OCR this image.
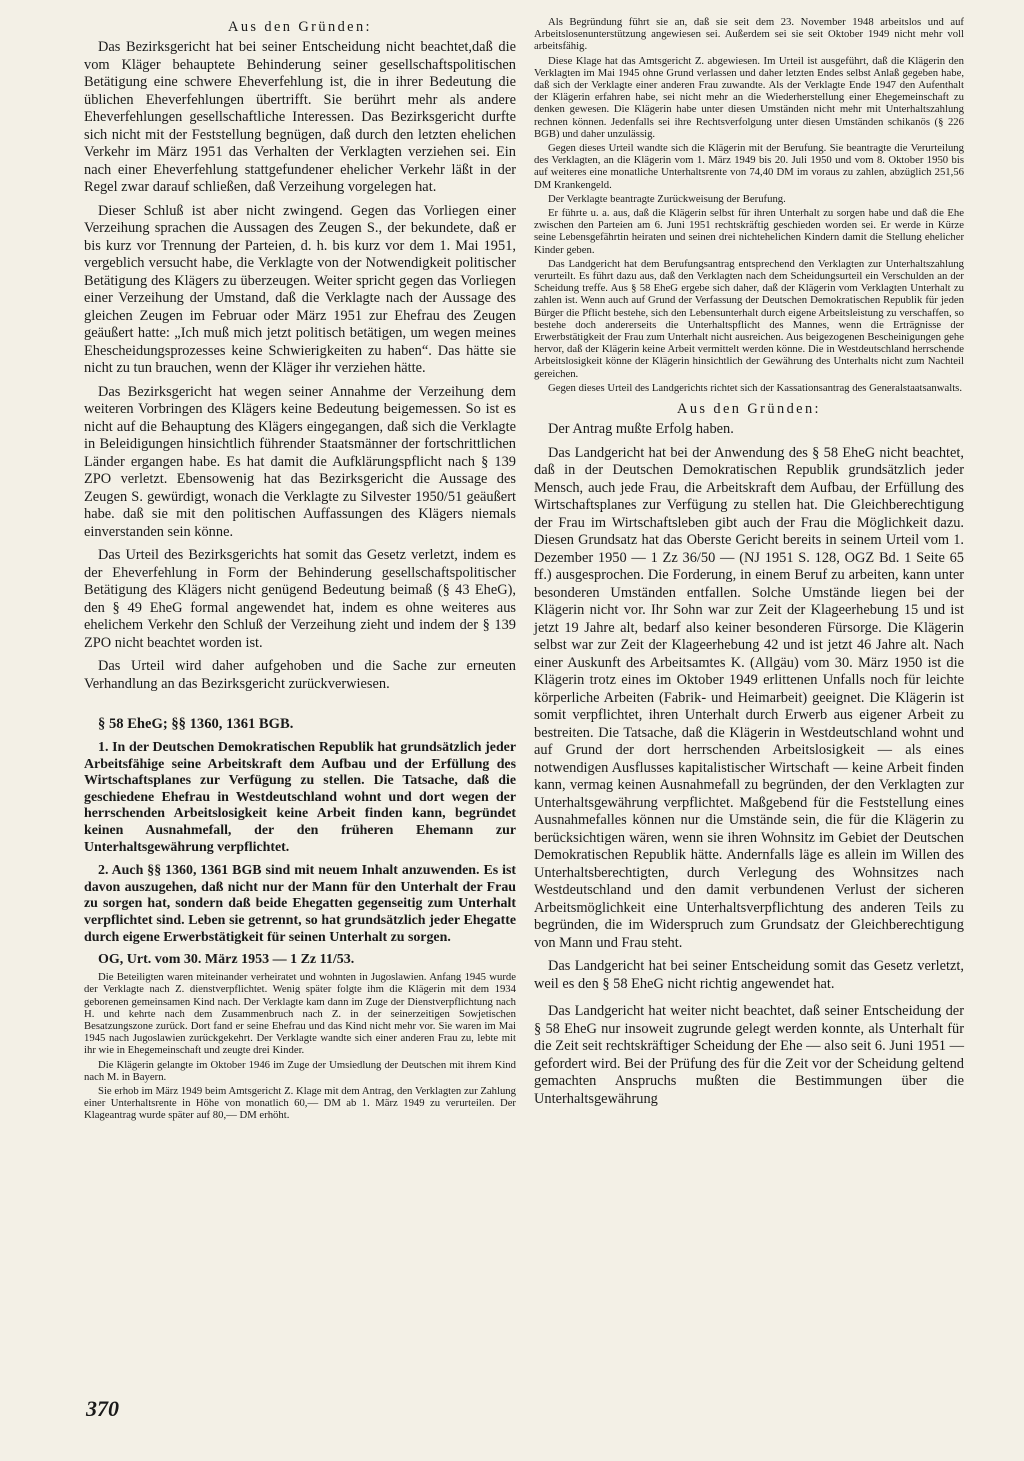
Aus den Gründen:

Das Bezirksgericht hat bei seiner Entscheidung nicht beachtet,daß die vom Kläger behauptete Behinderung seiner gesellschaftspolitischen Betätigung eine schwere Eheverfehlung ist, die in ihrer Bedeutung die üblichen Eheverfehlungen übertrifft. Sie berührt mehr als andere Eheverfehlungen gesellschaftliche Interessen. Das Bezirksgericht durfte sich nicht mit der Feststellung begnügen, daß durch den letzten ehelichen Verkehr im März 1951 das Verhalten der Verklagten verziehen sei. Ein nach einer Eheverfehlung stattgefundener ehelicher Verkehr läßt in der Regel zwar darauf schließen, daß Verzeihung vorgelegen hat.

Dieser Schluß ist aber nicht zwingend. Gegen das Vorliegen einer Verzeihung sprachen die Aussagen des Zeugen S., der bekundete, daß er bis kurz vor Trennung der Parteien, d. h. bis kurz vor dem 1. Mai 1951, vergeblich versucht habe, die Verklagte von der Notwendigkeit politischer Betätigung des Klägers zu überzeugen. Weiter spricht gegen das Vorliegen einer Verzeihung der Umstand, daß die Verklagte nach der Aussage des gleichen Zeugen im Februar oder März 1951 zur Ehefrau des Zeugen geäußert hatte: „Ich muß mich jetzt politisch betätigen, um wegen meines Ehescheidungsprozesses keine Schwierigkeiten zu haben“. Das hätte sie nicht zu tun brauchen, wenn der Kläger ihr verziehen hätte.

Das Bezirksgericht hat wegen seiner Annahme der Verzeihung dem weiteren Vorbringen des Klägers keine Bedeutung beigemessen. So ist es nicht auf die Behauptung des Klägers eingegangen, daß sich die Verklagte in Beleidigungen hinsichtlich führender Staatsmänner der fortschrittlichen Länder ergangen habe. Es hat damit die Aufklärungspflicht nach § 139 ZPO verletzt. Ebensowenig hat das Bezirksgericht die Aussage des Zeugen S. gewürdigt, wonach die Verklagte zu Silvester 1950/51 geäußert habe. daß sie mit den politischen Auffassungen des Klägers niemals einverstanden sein könne.

Das Urteil des Bezirksgerichts hat somit das Gesetz verletzt, indem es der Eheverfehlung in Form der Behinderung gesellschaftspolitischer Betätigung des Klägers nicht genügend Bedeutung beimaß (§ 43 EheG), den § 49 EheG formal angewendet hat, indem es ohne weiteres aus ehelichem Verkehr den Schluß der Verzeihung zieht und indem der § 139 ZPO nicht beachtet worden ist.

Das Urteil wird daher aufgehoben und die Sache zur erneuten Verhandlung an das Bezirksgericht zurückverwiesen.

§ 58 EheG; §§ 1360, 1361 BGB.

1. In der Deutschen Demokratischen Republik hat grundsätzlich jeder Arbeitsfähige seine Arbeitskraft dem Aufbau und der Erfüllung des Wirtschaftsplanes zur Verfügung zu stellen. Die Tatsache, daß die geschiedene Ehefrau in Westdeutschland wohnt und dort wegen der herrschenden Arbeitslosigkeit keine Arbeit finden kann, begründet keinen Ausnahmefall, der den früheren Ehemann zur Unterhaltsgewährung verpflichtet.

2. Auch §§ 1360, 1361 BGB sind mit neuem Inhalt anzuwenden. Es ist davon auszugehen, daß nicht nur der Mann für den Unterhalt der Frau zu sorgen hat, sondern daß beide Ehegatten gegenseitig zum Unterhalt verpflichtet sind. Leben sie getrennt, so hat grundsätzlich jeder Ehegatte durch eigene Erwerbstätigkeit für seinen Unterhalt zu sorgen.

OG, Urt. vom 30. März 1953 — 1 Zz 11/53.

Die Beteiligten waren miteinander verheiratet und wohnten in Jugoslawien. Anfang 1945 wurde der Verklagte nach Z. dienstverpflichtet. Wenig später folgte ihm die Klägerin mit dem 1934 geborenen gemeinsamen Kind nach. Der Verklagte kam dann im Zuge der Dienstverpflichtung nach H. und kehrte nach dem Zusammenbruch nach Z. in der seinerzeitigen Sowjetischen Besatzungszone zurück. Dort fand er seine Ehefrau und das Kind nicht mehr vor. Sie waren im Mai 1945 nach Jugoslawien zurückgekehrt. Der Verklagte wandte sich einer anderen Frau zu, lebte mit ihr wie in Ehegemeinschaft und zeugte drei Kinder.

Die Klägerin gelangte im Oktober 1946 im Zuge der Umsiedlung der Deutschen mit ihrem Kind nach M. in Bayern.

Sie erhob im März 1949 beim Amtsgericht Z. Klage mit dem Antrag, den Verklagten zur Zahlung einer Unterhaltsrente in Höhe von monatlich 60,— DM ab 1. März 1949 zu verurteilen. Der Klageantrag wurde später auf 80,— DM erhöht.

Als Begründung führt sie an, daß sie seit dem 23. November 1948 arbeitslos und auf Arbeitslosenunterstützung angewiesen sei. Außerdem sei sie seit Oktober 1949 nicht mehr voll arbeitsfähig.

Diese Klage hat das Amtsgericht Z. abgewiesen. Im Urteil ist ausgeführt, daß die Klägerin den Verklagten im Mai 1945 ohne Grund verlassen und daher letzten Endes selbst Anlaß gegeben habe, daß sich der Verklagte einer anderen Frau zuwandte. Als der Verklagte Ende 1947 den Aufenthalt der Klägerin erfahren habe, sei nicht mehr an die Wiederherstellung einer Ehegemeinschaft zu denken gewesen. Die Klägerin habe unter diesen Umständen nicht mehr mit Unterhaltszahlung rechnen können. Jedenfalls sei ihre Rechtsverfolgung unter diesen Umständen schikanös (§ 226 BGB) und daher unzulässig.

Gegen dieses Urteil wandte sich die Klägerin mit der Berufung. Sie beantragte die Verurteilung des Verklagten, an die Klägerin vom 1. März 1949 bis 20. Juli 1950 und vom 8. Oktober 1950 bis auf weiteres eine monatliche Unterhaltsrente von 74,40 DM im voraus zu zahlen, abzüglich 251,56 DM Krankengeld.

Der Verklagte beantragte Zurückweisung der Berufung.

Er führte u. a. aus, daß die Klägerin selbst für ihren Unterhalt zu sorgen habe und daß die Ehe zwischen den Parteien am 6. Juni 1951 rechtskräftig geschieden worden sei. Er werde in Kürze seine Lebensgefährtin heiraten und seinen drei nichtehelichen Kindern damit die Stellung ehelicher Kinder geben.

Das Landgericht hat dem Berufungsantrag entsprechend den Verklagten zur Unterhaltszahlung verurteilt. Es führt dazu aus, daß den Verklagten nach dem Scheidungsurteil ein Verschulden an der Scheidung treffe. Aus § 58 EheG ergebe sich daher, daß der Klägerin vom Verklagten Unterhalt zu zahlen ist. Wenn auch auf Grund der Verfassung der Deutschen Demokratischen Republik für jeden Bürger die Pflicht bestehe, sich den Lebensunterhalt durch eigene Arbeitsleistung zu verschaffen, so bestehe doch andererseits die Unterhaltspflicht des Mannes, wenn die Erträgnisse der Erwerbstätigkeit der Frau zum Unterhalt nicht ausreichen. Aus beigezogenen Bescheinigungen gehe hervor, daß der Klägerin keine Arbeit vermittelt werden könne. Die in Westdeutschland herrschende Arbeitslosigkeit könne der Klägerin hinsichtlich der Gewährung des Unterhalts nicht zum Nachteil gereichen.

Gegen dieses Urteil des Landgerichts richtet sich der Kassationsantrag des Generalstaatsanwalts.

Aus den Gründen:

Der Antrag mußte Erfolg haben.

Das Landgericht hat bei der Anwendung des § 58 EheG nicht beachtet, daß in der Deutschen Demokratischen Republik grundsätzlich jeder Mensch, auch jede Frau, die Arbeitskraft dem Aufbau, der Erfüllung des Wirtschaftsplanes zur Verfügung zu stellen hat. Die Gleichberechtigung der Frau im Wirtschaftsleben gibt auch der Frau die Möglichkeit dazu. Diesen Grundsatz hat das Oberste Gericht bereits in seinem Urteil vom 1. Dezember 1950 — 1 Zz 36/50 — (NJ 1951 S. 128, OGZ Bd. 1 Seite 65 ff.) ausgesprochen. Die Forderung, in einem Beruf zu arbeiten, kann unter besonderen Umständen entfallen. Solche Umstände liegen bei der Klägerin nicht vor. Ihr Sohn war zur Zeit der Klageerhebung 15 und ist jetzt 19 Jahre alt, bedarf also keiner besonderen Fürsorge. Die Klägerin selbst war zur Zeit der Klageerhebung 42 und ist jetzt 46 Jahre alt. Nach einer Auskunft des Arbeitsamtes K. (Allgäu) vom 30. März 1950 ist die Klägerin trotz eines im Oktober 1949 erlittenen Unfalls noch für leichte körperliche Arbeiten (Fabrik- und Heimarbeit) geeignet. Die Klägerin ist somit verpflichtet, ihren Unterhalt durch Erwerb aus eigener Arbeit zu bestreiten. Die Tatsache, daß die Klägerin in Westdeutschland wohnt und auf Grund der dort herrschenden Arbeitslosigkeit — als eines notwendigen Ausflusses kapitalistischer Wirtschaft — keine Arbeit finden kann, vermag keinen Ausnahmefall zu begründen, der den Verklagten zur Unterhaltsgewährung verpflichtet. Maßgebend für die Feststellung eines Ausnahmefalles können nur die Umstände sein, die für die Klägerin zu berücksichtigen wären, wenn sie ihren Wohnsitz im Gebiet der Deutschen Demokratischen Republik hätte. Andernfalls läge es allein im Willen des Unterhaltsberechtigten, durch Verlegung des Wohnsitzes nach Westdeutschland und den damit verbundenen Verlust der sicheren Arbeitsmöglichkeit eine Unterhaltsverpflichtung des anderen Teils zu begründen, die im Widerspruch zum Grundsatz der Gleichberechtigung von Mann und Frau steht.

Das Landgericht hat bei seiner Entscheidung somit das Gesetz verletzt, weil es den § 58 EheG nicht richtig angewendet hat.

Das Landgericht hat weiter nicht beachtet, daß seiner Entscheidung der § 58 EheG nur insoweit zugrunde gelegt werden konnte, als Unterhalt für die Zeit seit rechtskräftiger Scheidung der Ehe — also seit 6. Juni 1951 — gefordert wird. Bei der Prüfung des für die Zeit vor der Scheidung geltend gemachten Anspruchs mußten die Bestimmungen über die Unterhaltsgewährung

370
